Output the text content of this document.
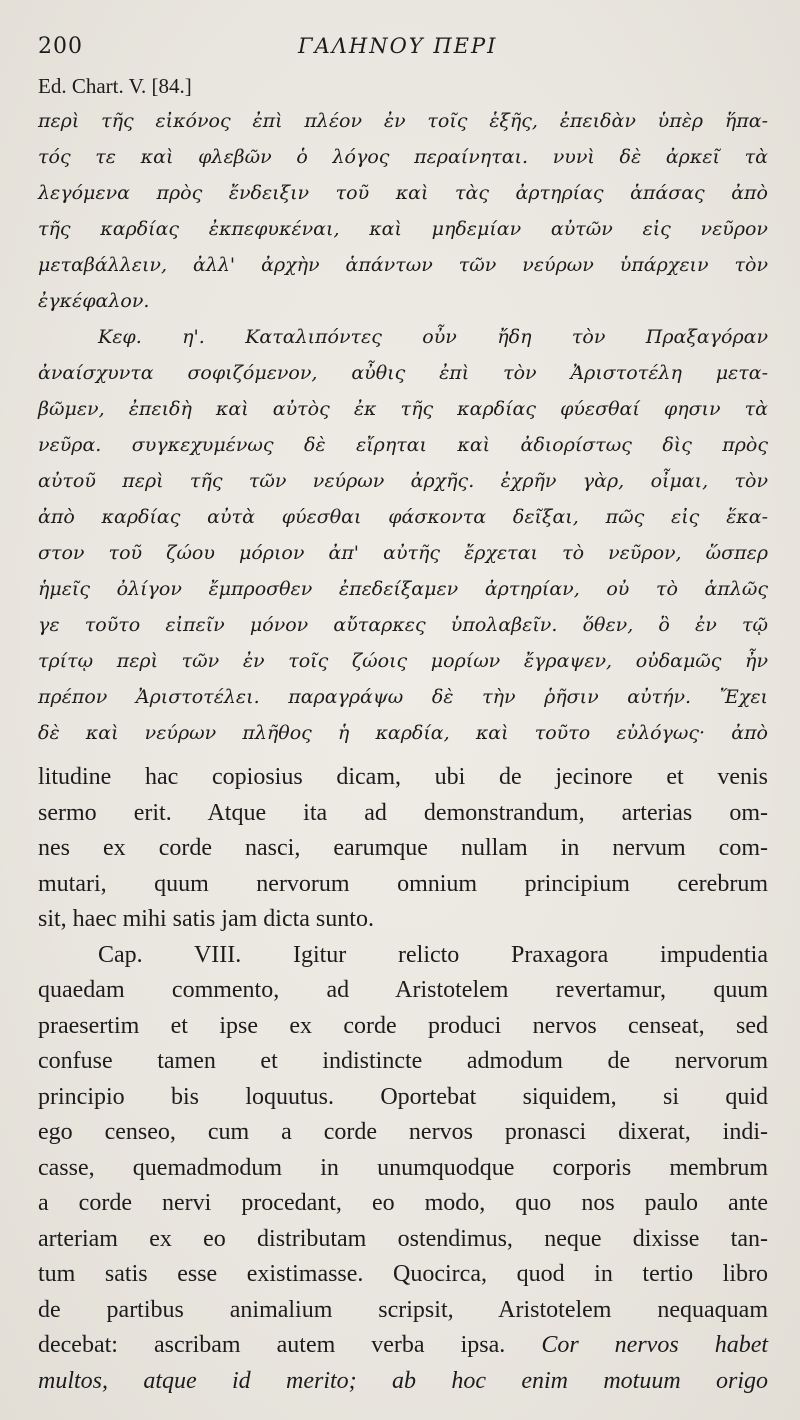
200	ΓΑΛΗΝΟΥ ΠΕΡΙ
Ed. Chart. V. [84.]
περὶ τῆς εἰκόνος ἐπὶ πλέον ἐν τοῖς ἑξῆς, ἐπειδὰν ὑπὲρ ἥπα-
τός τε καὶ φλεβῶν ὁ λόγος περαίνηται. νυνὶ δὲ ἀρκεῖ τὰ
λεγόμενα πρὸς ἔνδειξιν τοῦ καὶ τὰς ἀρτηρίας ἁπάσας ἀπὸ
τῆς καρδίας ἐκπεφυκέναι, καὶ μηδεμίαν αὐτῶν εἰς νεῦρον
μεταβάλλειν, ἀλλ' ἀρχὴν ἁπάντων τῶν νεύρων ὑπάρχειν τὸν
ἐγκέφαλον.
Κεφ. η'. Καταλιπόντες οὖν ἤδη τὸν Πραξαγόραν
ἀναίσχυντα σοφιζόμενον, αὖθις ἐπὶ τὸν Ἀριστοτέλη μετα-
βῶμεν, ἐπειδὴ καὶ αὐτὸς ἐκ τῆς καρδίας φύεσθαί φησιν τὰ
νεῦρα. συγκεχυμένως δὲ εἴρηται καὶ ἀδιορίστως δὶς πρὸς
αὐτοῦ περὶ τῆς τῶν νεύρων ἀρχῆς. ἐχρῆν γὰρ, οἶμαι, τὸν
ἀπὸ καρδίας αὐτὰ φύεσθαι φάσκοντα δεῖξαι, πῶς εἰς ἕκα-
στον τοῦ ζώου μόριον ἀπ' αὐτῆς ἔρχεται τὸ νεῦρον, ὥσπερ
ἡμεῖς ὀλίγον ἔμπροσθεν ἐπεδείξαμεν ἀρτηρίαν, οὐ τὸ ἁπλῶς
γε τοῦτο εἰπεῖν μόνον αὔταρκες ὑπολαβεῖν. ὅθεν, ὃ ἐν τῷ
τρίτῳ περὶ τῶν ἐν τοῖς ζώοις μορίων ἔγραψεν, οὐδαμῶς ἦν
πρέπον Ἀριστοτέλει. παραγράψω δὲ τὴν ῥῆσιν αὐτήν. Ἔχει
δὲ καὶ νεύρων πλῆθος ἡ καρδία, καὶ τοῦτο εὐλόγως· ἀπὸ
litudine hac copiosius dicam, ubi de jecinore et venis
sermo erit. Atque ita ad demonstrandum, arterias om-
nes ex corde nasci, earumque nullam in nervum com-
mutari, quum nervorum omnium principium cerebrum
sit, haec mihi satis jam dicta sunto.
Cap. VIII. Igitur relicto Praxagora impudentia
quaedam commento, ad Aristotelem revertamur, quum
praesertim et ipse ex corde produci nervos censeat, sed
confuse tamen et indistincte admodum de nervorum
principio bis loquutus. Oportebat siquidem, si quid
ego censeo, cum a corde nervos pronasci dixerat, indi-
casse, quemadmodum in unumquodque corporis membrum
a corde nervi procedant, eo modo, quo nos paulo ante
arteriam ex eo distributam ostendimus, neque dixisse tan-
tum satis esse existimasse. Quocirca, quod in tertio libro
de partibus animalium scripsit, Aristotelem nequaquam
decebat: ascribam autem verba ipsa. Cor nervos habet
multos, atque id merito; ab hoc enim motuum origo
